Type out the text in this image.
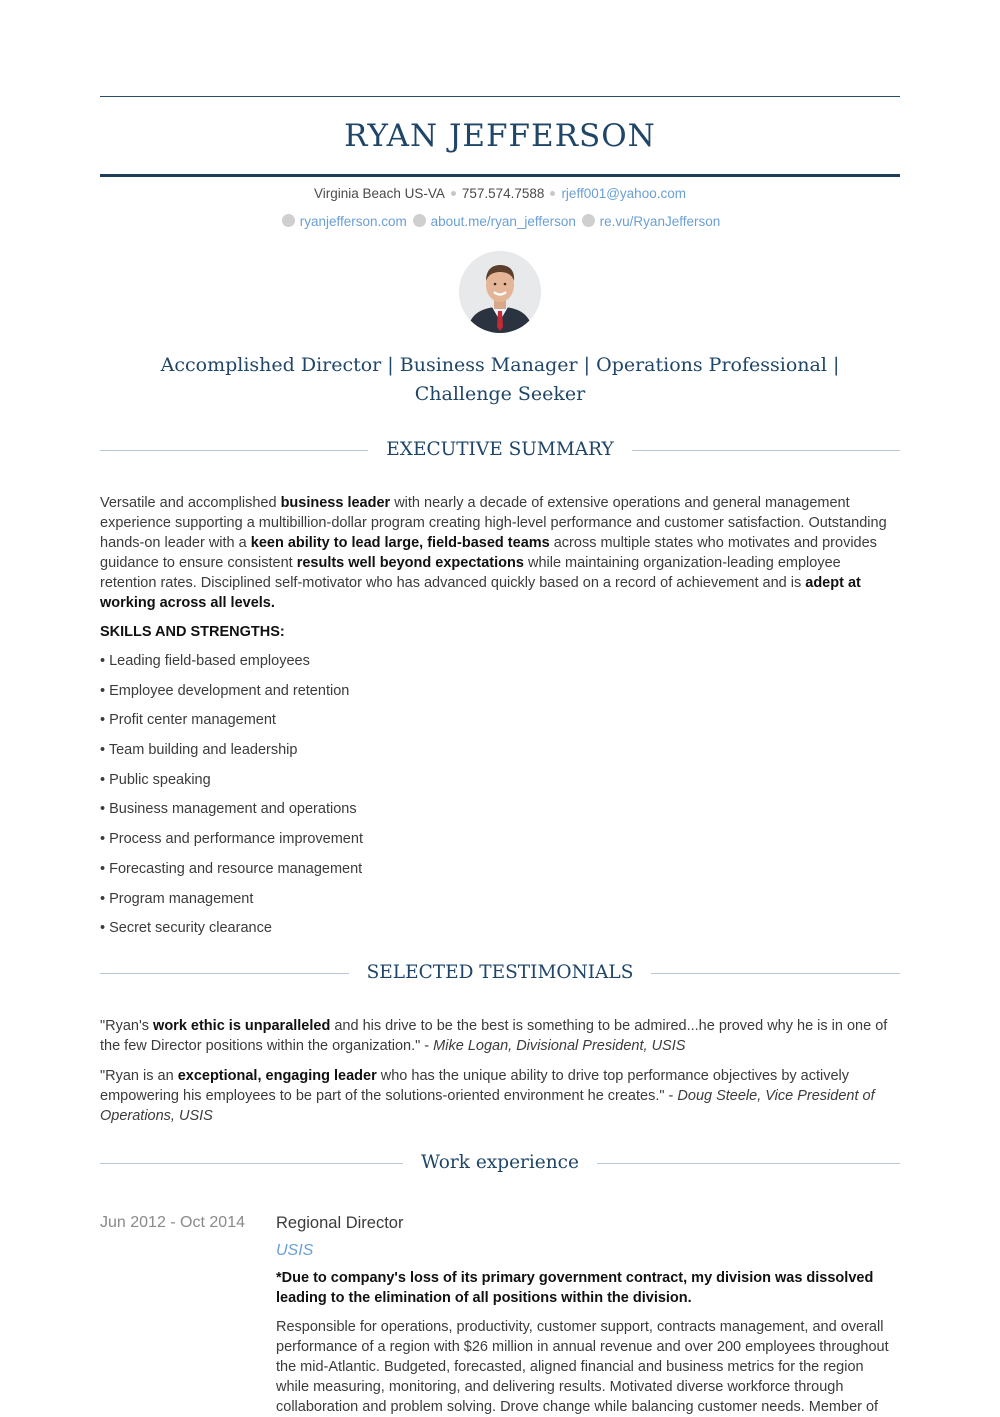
RYAN JEFFERSON
Virginia Beach US-VA 757.574.7588 rjeff001@yahoo.com
ryanjefferson.com about.me/ryan_jefferson re.vu/RyanJefferson
Accomplished Director | Business Manager | Operations Professional | Challenge Seeker
EXECUTIVE SUMMARY
Versatile and accomplished business leader with nearly a decade of extensive operations and general management experience supporting a multibillion-dollar program creating high-level performance and customer satisfaction. Outstanding hands-on leader with a keen ability to lead large, field-based teams across multiple states who motivates and provides guidance to ensure consistent results well beyond expectations while maintaining organization-leading employee retention rates. Disciplined self-motivator who has advanced quickly based on a record of achievement and is adept at working across all levels.
SKILLS AND STRENGTHS:
• Leading field-based employees
• Employee development and retention
• Profit center management
• Team building and leadership
• Public speaking
• Business management and operations
• Process and performance improvement
• Forecasting and resource management
• Program management
• Secret security clearance
SELECTED TESTIMONIALS
"Ryan's work ethic is unparalleled and his drive to be the best is something to be admired...he proved why he is in one of the few Director positions within the organization." - Mike Logan, Divisional President, USIS
"Ryan is an exceptional, engaging leader who has the unique ability to drive top performance objectives by actively empowering his employees to be part of the solutions-oriented environment he creates." - Doug Steele, Vice President of Operations, USIS
Work experience
Jun 2012 - Oct 2014	Regional Director
USIS
*Due to company's loss of its primary government contract, my division was dissolved leading to the elimination of all positions within the division.
Responsible for operations, productivity, customer support, contracts management, and overall performance of a region with $26 million in annual revenue and over 200 employees throughout the mid-Atlantic. Budgeted, forecasted, aligned financial and business metrics for the region while measuring, monitoring, and delivering results. Motivated diverse workforce through collaboration and problem solving. Drove change while balancing customer needs. Member of
